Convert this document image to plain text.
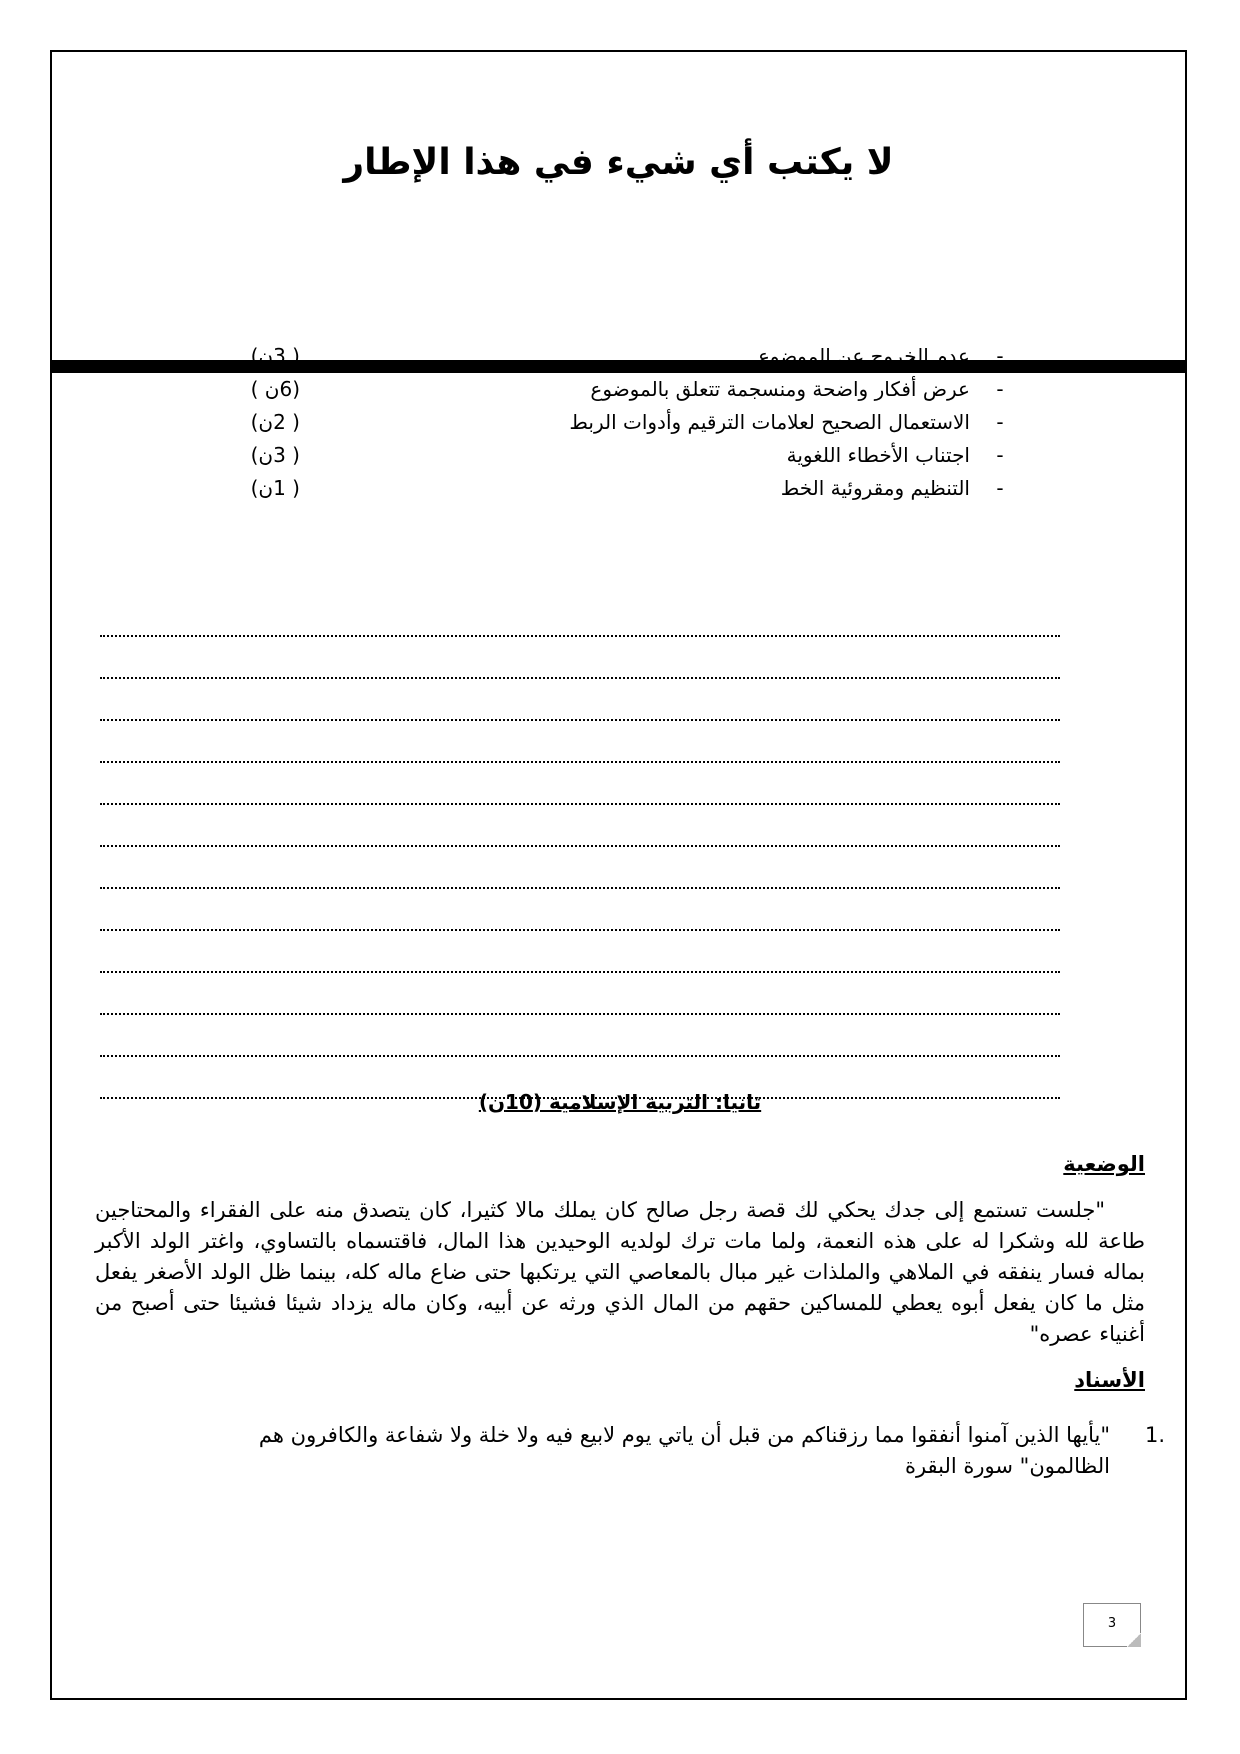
لا يكتب أي شيء في هذا الإطار
-
عدم الخروج عن الموضوع
( 3ن)
-
عرض أفكار واضحة ومنسجمة تتعلق بالموضوع
(6ن )
-
الاستعمال الصحيح لعلامات الترقيم وأدوات الربط
( 2ن)
-
اجتناب الأخطاء اللغوية
( 3ن)
-
التنظيم ومقروئية الخط
( 1ن)
ثانيا: التربية الإسلامية (10ن)
الوضعية
"جلست تستمع إلى جدك يحكي لك قصة رجل صالح كان يملك مالا كثيرا، كان يتصدق منه على الفقراء والمحتاجين طاعة لله وشكرا له على هذه النعمة، ولما مات ترك لولديه الوحيدين هذا المال، فاقتسماه بالتساوي، واغتر الولد الأكبر بماله فسار ينفقه في الملاهي والملذات غير مبال بالمعاصي التي يرتكبها حتى ضاع ماله كله، بينما ظل الولد الأصغر يفعل مثل ما كان يفعل أبوه يعطي للمساكين حقهم من المال الذي ورثه عن أبيه، وكان ماله يزداد شيئا فشيئا حتى أصبح من أغنياء عصره"
الأسناد
1.
"يأيها الذين آمنوا أنفقوا مما رزقناكم من قبل أن ياتي يوم لابيع فيه ولا خلة ولا شفاعة والكافرون هم الظالمون" سورة البقرة
3
